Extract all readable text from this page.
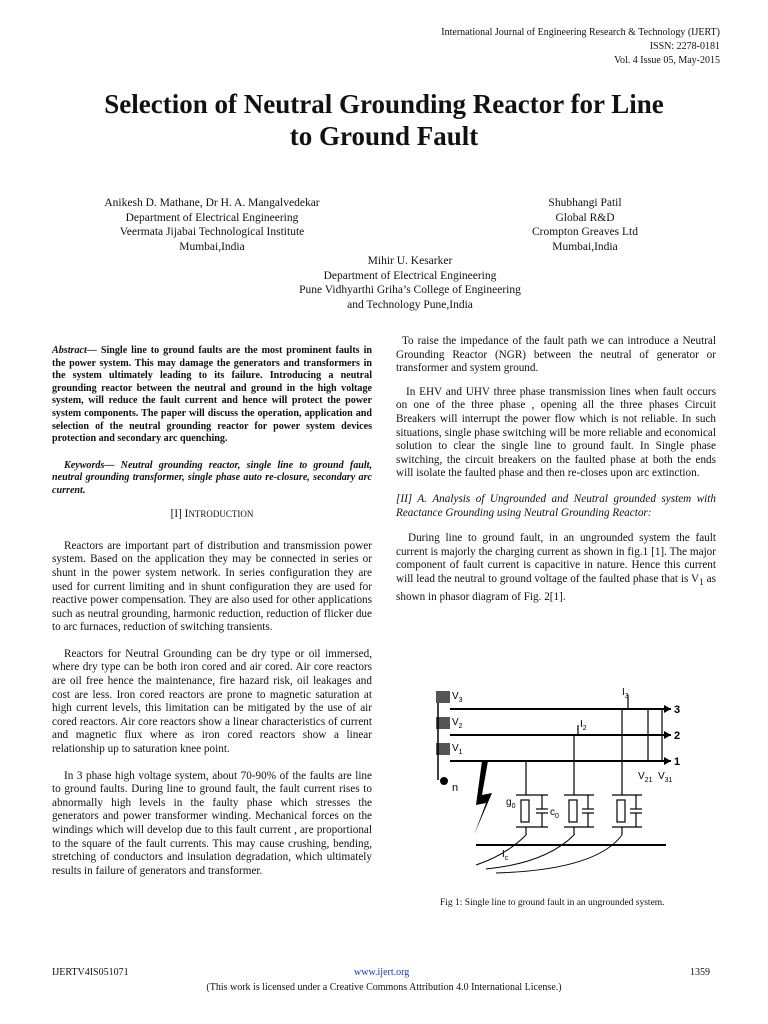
International Journal of Engineering Research & Technology (IJERT)
ISSN: 2278-0181
Vol. 4 Issue 05, May-2015
Selection of Neutral Grounding Reactor for Line
to Ground Fault
Anikesh D. Mathane, Dr H. A. Mangalvedekar
Department of Electrical Engineering
Veermata Jijabai Technological Institute
Mumbai,India
Shubhangi Patil
Global R&D
Crompton Greaves Ltd
Mumbai,India
Mihir U. Kesarker
Department of Electrical Engineering
Pune Vidhyarthi Griha’s College of Engineering
and Technology Pune,India

Abstract— Single line to ground faults are the most prominent faults in the power system. This may damage the generators and transformers in the system ultimately leading to its failure. Introducing a neutral grounding reactor between the neutral and ground in the high voltage system, will reduce the fault current and hence will protect the power system components. The paper will discuss the operation, application and selection of the neutral grounding reactor for power system devices protection and secondary arc quenching.

Keywords— Neutral grounding reactor, single line to ground fault, neutral grounding transformer, single phase auto re-closure, secondary arc current.

[I] INTRODUCTION

Reactors are important part of distribution and transmission power system. Based on the application they may be connected in series or shunt in the power system network. In series configuration they are used for current limiting and in shunt configuration they are used for reactive power compensation. They are also used for other applications such as neutral grounding, harmonic reduction, reduction of flicker due to arc furnaces, reduction of switching transients.

Reactors for Neutral Grounding can be dry type or oil immersed, where dry type can be both iron cored and air cored. Air core reactors are oil free hence the maintenance, fire hazard risk, oil leakages and cost are less. Iron cored reactors are prone to magnetic saturation at high current levels, this limitation can be mitigated by the use of air cored reactors. Air core reactors show a linear characteristics of current and magnetic flux where as iron cored reactors show a linear relationship up to saturation knee point.

In 3 phase high voltage system, about 70-90% of the faults are line to ground faults. During line to ground fault, the fault current rises to abnormally high levels in the faulty phase which stresses the generators and power transformer winding. Mechanical forces on the windings which will develop due to this fault current , are proportional to the square of the fault currents. This may cause crushing, bending, stretching of conductors and insulation degradation, which ultimately results in failure of generators and transformer.

To raise the impedance of the fault path we can introduce a Neutral Grounding Reactor (NGR) between the neutral of generator or transformer and system ground.

In EHV and UHV three phase transmission lines when fault occurs on one of the three phase , opening all the three phases Circuit Breakers will interrupt the power flow which is not reliable. In such situations, single phase switching will be more reliable and economical solution to clear the single line to ground fault. In Single phase switching, the circuit breakers on the faulted phase at both the ends will isolate the faulted phase and then re-closes upon arc extinction.

[II] A. Analysis of Ungrounded and Neutral grounded system with Reactance Grounding using Neutral Grounding Reactor:

During line to ground fault, in an ungrounded system the fault current is majorly the charging current as shown in fig.1 [1]. The major component of fault current is capacitive in nature. Hence this current will lead the neutral to ground voltage of the faulted phase that is $V_1$ as shown in phasor diagram of Fig. 2[1].

$V_3$
$V_2$
$V_1$
n
3
2
1
$I_3$
$I_2$
$g_0$
$c_0$
$V_{21}$ $V_{31}$
$I_c$
Fig 1: Single line to ground fault in an ungrounded system.
IJERTV4IS051071	www.ijert.org	1359
(This work is licensed under a Creative Commons Attribution 4.0 International License.)
